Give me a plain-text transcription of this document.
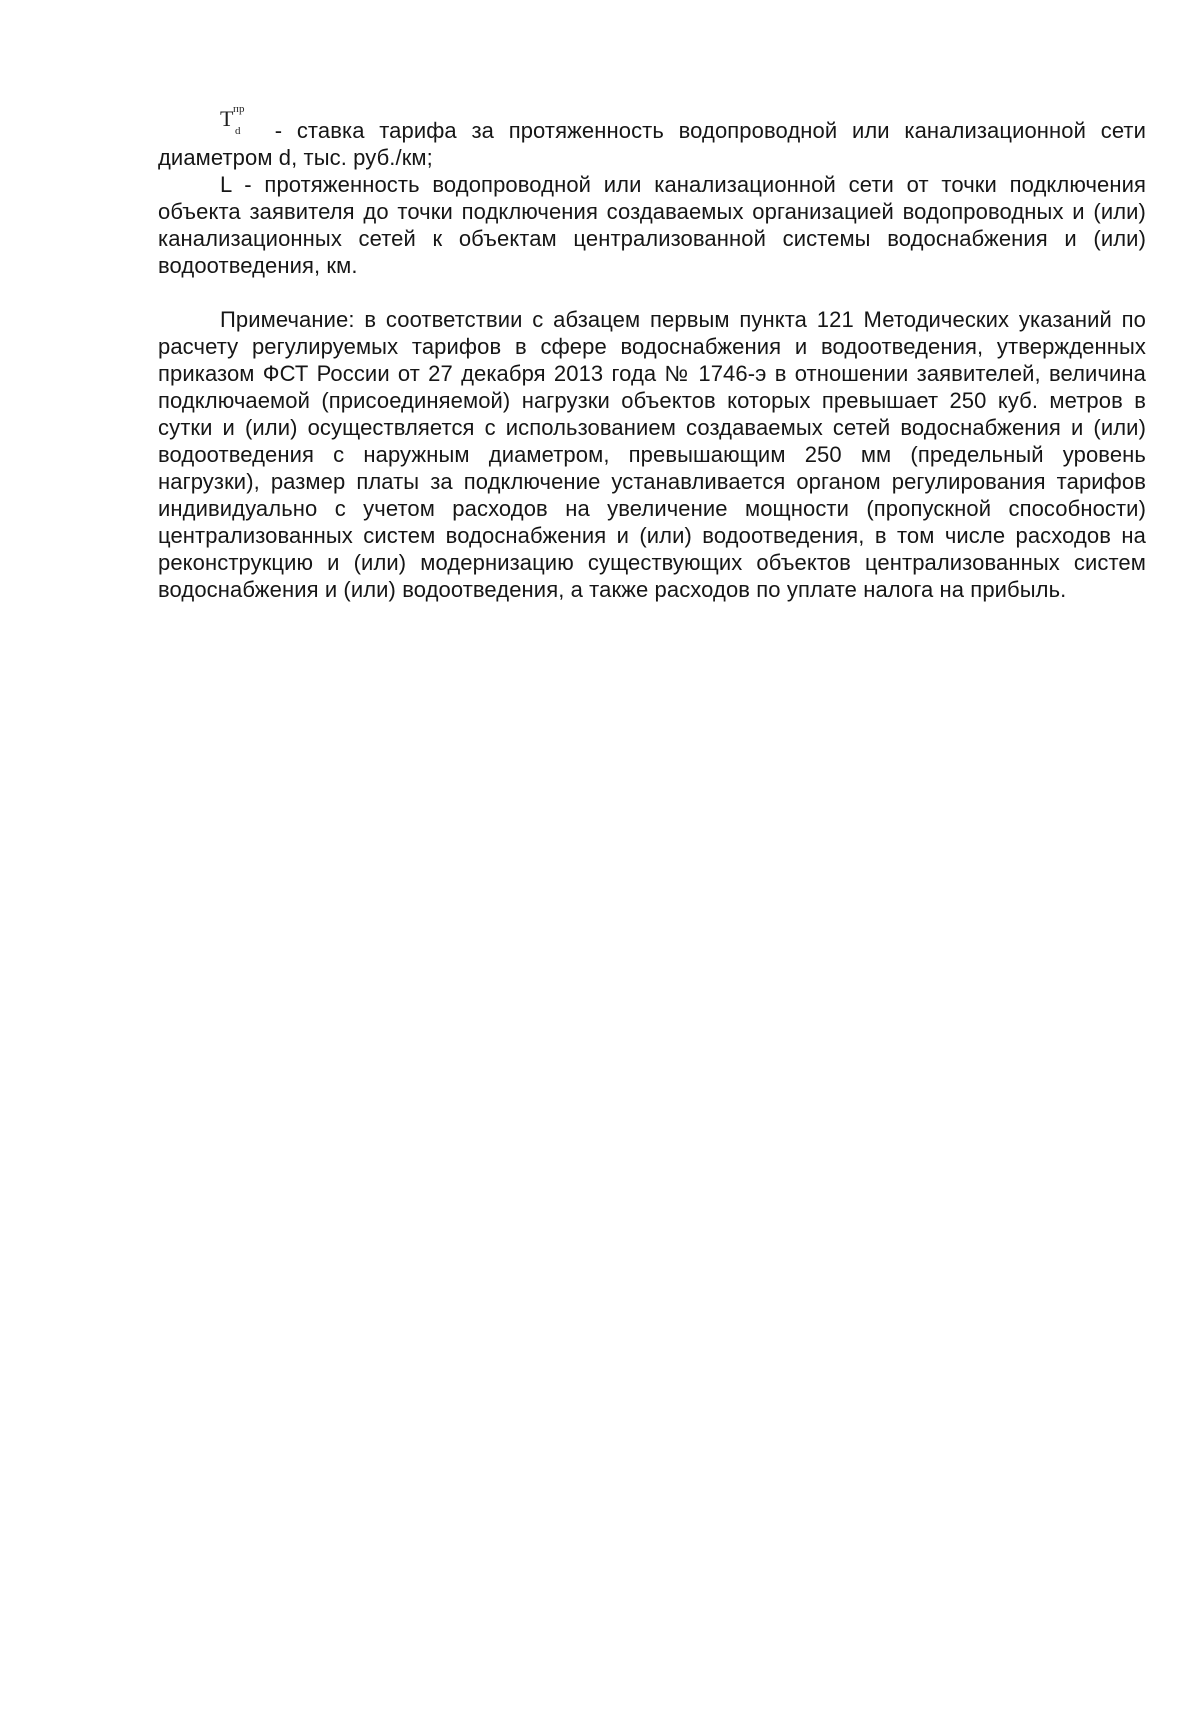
T пр
d - ставка тарифа за протяженность водопроводной или канализационной сети диаметром d, тыс. руб./км;

L - протяженность водопроводной или канализационной сети от точки подключения объекта заявителя до точки подключения создаваемых организацией водопроводных и (или) канализационных сетей к объектам централизованной системы водоснабжения и (или) водоотведения, км.

Примечание: в соответствии с абзацем первым пункта 121 Методических указаний по расчету регулируемых тарифов в сфере водоснабжения и водоотведения, утвержденных приказом ФСТ России от 27 декабря 2013 года № 1746-э в отношении заявителей, величина подключаемой (присоединяемой) нагрузки объектов которых превышает 250 куб. метров в сутки и (или) осуществляется с использованием создаваемых сетей водоснабжения и (или) водоотведения с наружным диаметром, превышающим 250 мм (предельный уровень нагрузки), размер платы за подключение устанавливается органом регулирования тарифов индивидуально с учетом расходов на увеличение мощности (пропускной способности) централизованных систем водоснабжения и (или) водоотведения, в том числе расходов на реконструкцию и (или) модернизацию существующих объектов централизованных систем водоснабжения и (или) водоотведения, а также расходов по уплате налога на прибыль.
